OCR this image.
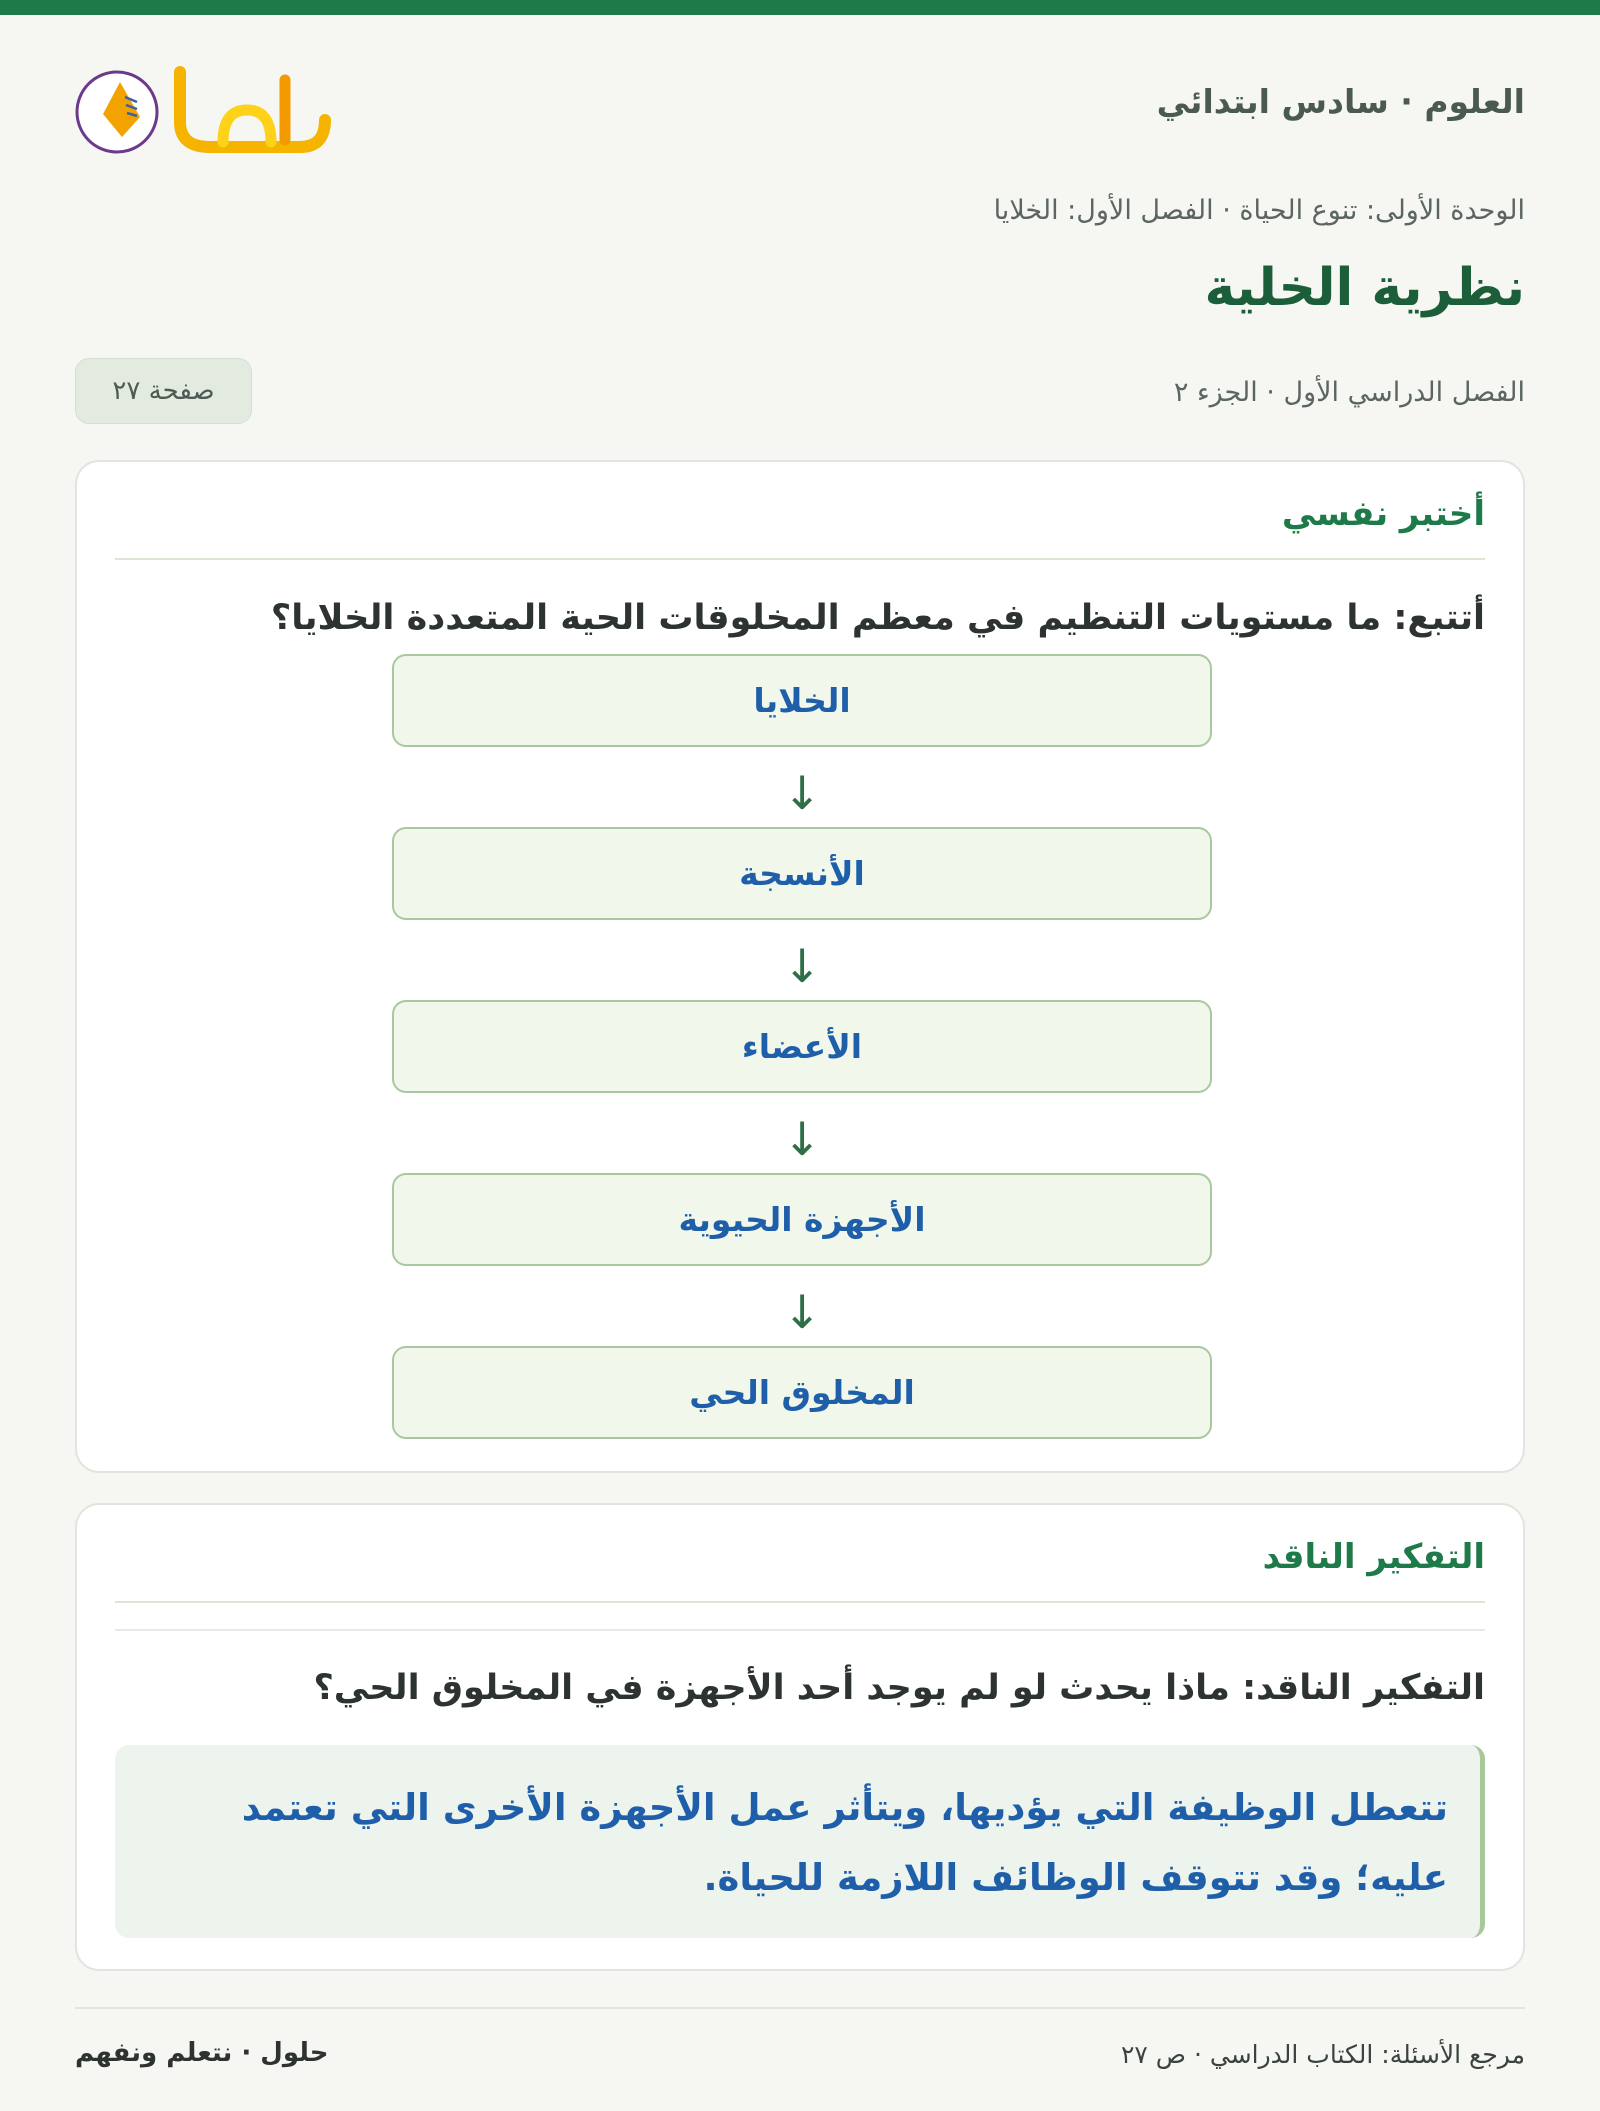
العلوم · سادس ابتدائي
الوحدة الأولى: تنوع الحياة · الفصل الأول: الخلايا
نظرية الخلية
الفصل الدراسي الأول · الجزء ٢
صفحة ٢٧
أختبر نفسي
أتتبع: ما مستويات التنظيم في معظم المخلوقات الحية المتعددة الخلايا؟
الخلايا
↓
الأنسجة
↓
الأعضاء
↓
الأجهزة الحيوية
↓
المخلوق الحي
التفكير الناقد
التفكير الناقد: ماذا يحدث لو لم يوجد أحد الأجهزة في المخلوق الحي؟
تتعطل الوظيفة التي يؤديها، ويتأثر عمل الأجهزة الأخرى التي تعتمد عليه؛ وقد تتوقف الوظائف اللازمة للحياة.
مرجع الأسئلة: الكتاب الدراسي · ص ٢٧
حلول · نتعلم ونفهم
